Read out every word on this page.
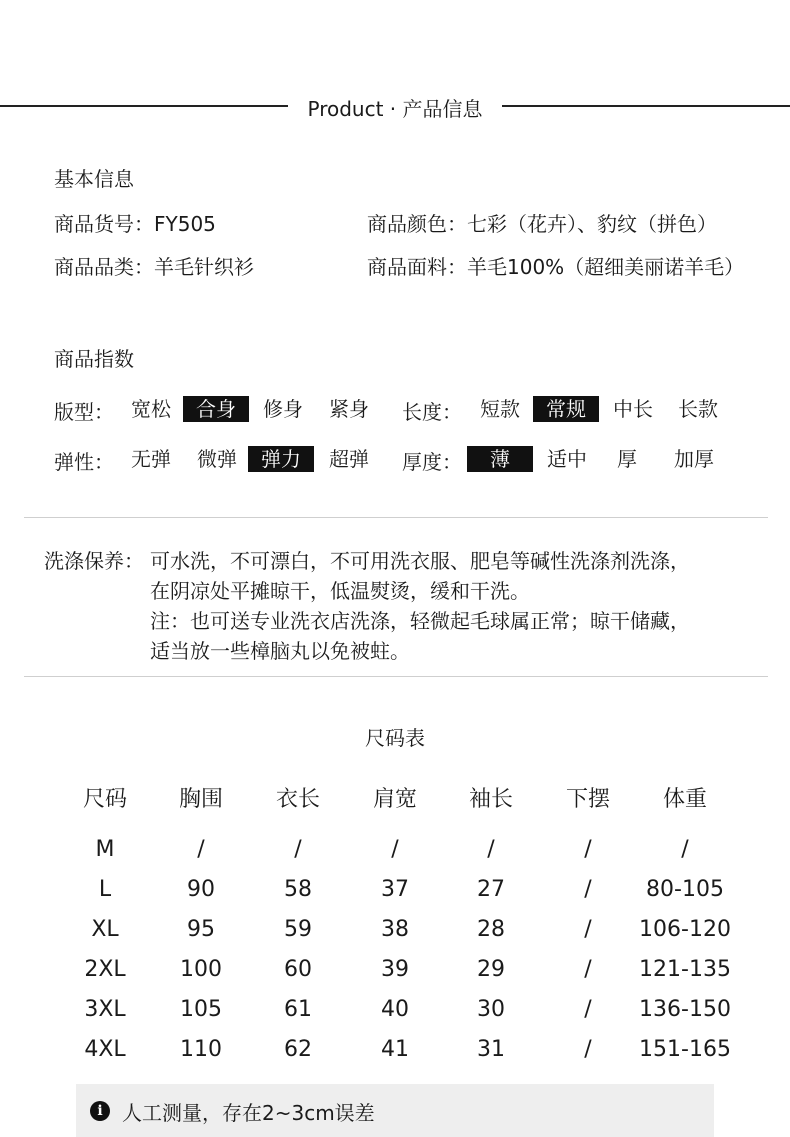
Product · 产品信息
基本信息
商品货号：FY505	商品颜色：七彩（花卉）、豹纹（拼色）
商品品类：羊毛针织衫	商品面料：羊毛100%（超细美丽诺羊毛）
商品指数
版型： 宽松	合身	修身 紧身 长度： 短款	常规	中长 长款
弹性： 无弹 微弹	弹力	超弹 厚度：	薄	适中 厚 加厚
洗涤保养： 可水洗，不可漂白，不可用洗衣服、肥皂等碱性洗涤剂洗涤，
在阴凉处平摊晾干，低温熨烫，缓和干洗。
注：也可送专业洗衣店洗涤，轻微起毛球属正常；晾干储藏，
适当放一些樟脑丸以免被蛀。
尺码表
尺码	胸围	衣长	肩宽	袖长	下摆	体重
M	/	/	/	/	/	/
L	90	58	37	27	/	80-105
XL	95	59	38	28	/	106-120
2XL	100	60	39	29	/	121-135
3XL	105	61	40	30	/	136-150
4XL	110	62	41	31	/	151-165
i 人工测量，存在2~3cm误差
